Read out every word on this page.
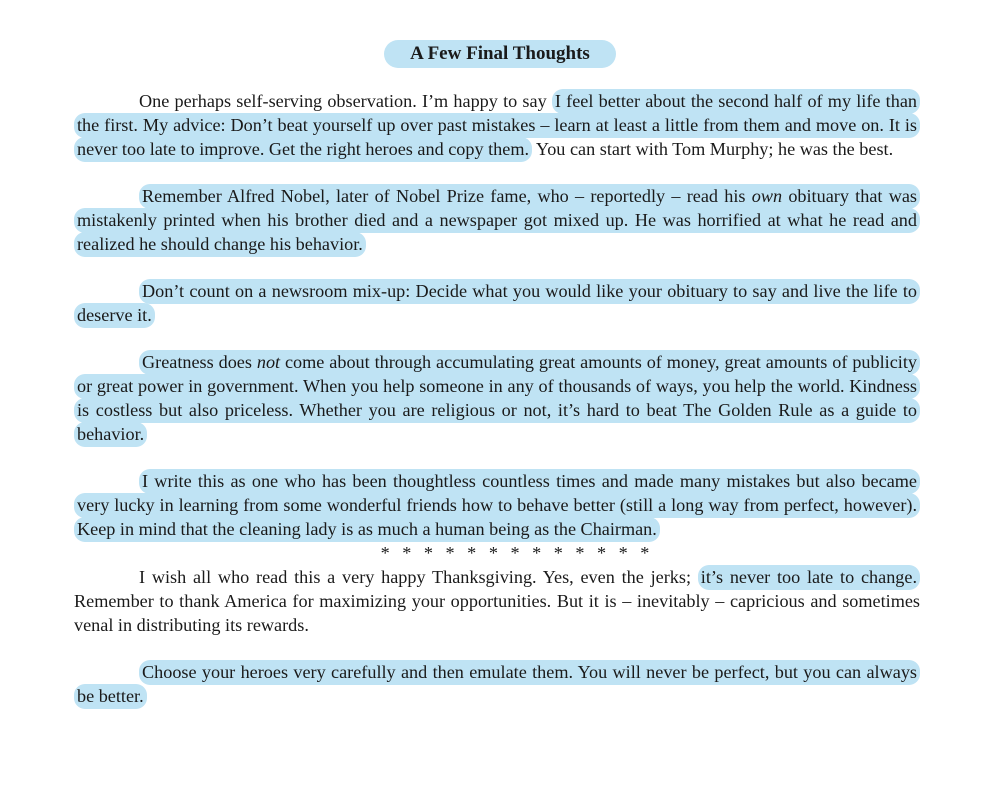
A Few Final Thoughts

One perhaps self-serving observation. I’m happy to say I feel better about the second half of my life than the first. My advice: Don’t beat yourself up over past mistakes – learn at least a little from them and move on. It is never too late to improve. Get the right heroes and copy them. You can start with Tom Murphy; he was the best.

Remember Alfred Nobel, later of Nobel Prize fame, who – reportedly – read his own obituary that was mistakenly printed when his brother died and a newspaper got mixed up. He was horrified at what he read and realized he should change his behavior.

Don’t count on a newsroom mix-up: Decide what you would like your obituary to say and live the life to deserve it.

Greatness does not come about through accumulating great amounts of money, great amounts of publicity or great power in government. When you help someone in any of thousands of ways, you help the world. Kindness is costless but also priceless. Whether you are religious or not, it’s hard to beat The Golden Rule as a guide to behavior.

I write this as one who has been thoughtless countless times and made many mistakes but also became very lucky in learning from some wonderful friends how to behave better (still a long way from perfect, however). Keep in mind that the cleaning lady is as much a human being as the Chairman.

* * * * * * * * * * * * *

I wish all who read this a very happy Thanksgiving. Yes, even the jerks; it’s never too late to change. Remember to thank America for maximizing your opportunities. But it is – inevitably – capricious and sometimes venal in distributing its rewards.

Choose your heroes very carefully and then emulate them. You will never be perfect, but you can always be better.
